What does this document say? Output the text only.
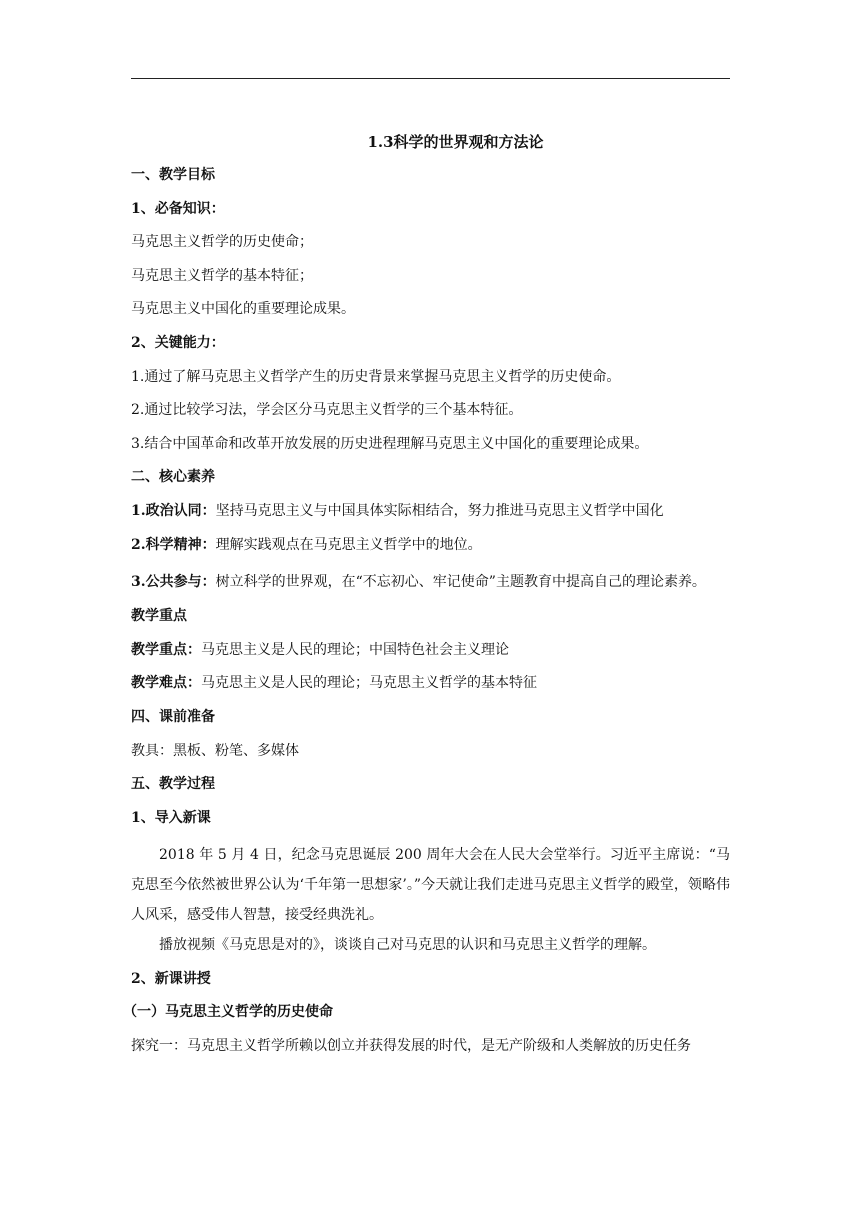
1.3科学的世界观和方法论
一、教学目标
1、必备知识：
马克思主义哲学的历史使命；
马克思主义哲学的基本特征；
马克思主义中国化的重要理论成果。
2、关键能力：
1.通过了解马克思主义哲学产生的历史背景来掌握马克思主义哲学的历史使命。
2.通过比较学习法，学会区分马克思主义哲学的三个基本特征。
3.结合中国革命和改革开放发展的历史进程理解马克思主义中国化的重要理论成果。
二、核心素养
1.政治认同：坚持马克思主义与中国具体实际相结合，努力推进马克思主义哲学中国化
2.科学精神：理解实践观点在马克思主义哲学中的地位。
3.公共参与：树立科学的世界观，在“不忘初心、牢记使命”主题教育中提高自己的理论素养。
教学重点
教学重点：马克思主义是人民的理论；中国特色社会主义理论
教学难点：马克思主义是人民的理论；马克思主义哲学的基本特征
四、课前准备
教具：黑板、粉笔、多媒体
五、教学过程
1、导入新课
2018 年 5 月 4 日，纪念马克思诞辰 200 周年大会在人民大会堂举行。习近平主席说：“马克思至今依然被世界公认为‘千年第一思想家’。”今天就让我们走进马克思主义哲学的殿堂，领略伟人风采，感受伟人智慧，接受经典洗礼。
播放视频《马克思是对的》，谈谈自己对马克思的认识和马克思主义哲学的理解。
2、新课讲授
（一）马克思主义哲学的历史使命
探究一：马克思主义哲学所赖以创立并获得发展的时代，是无产阶级和人类解放的历史任务
